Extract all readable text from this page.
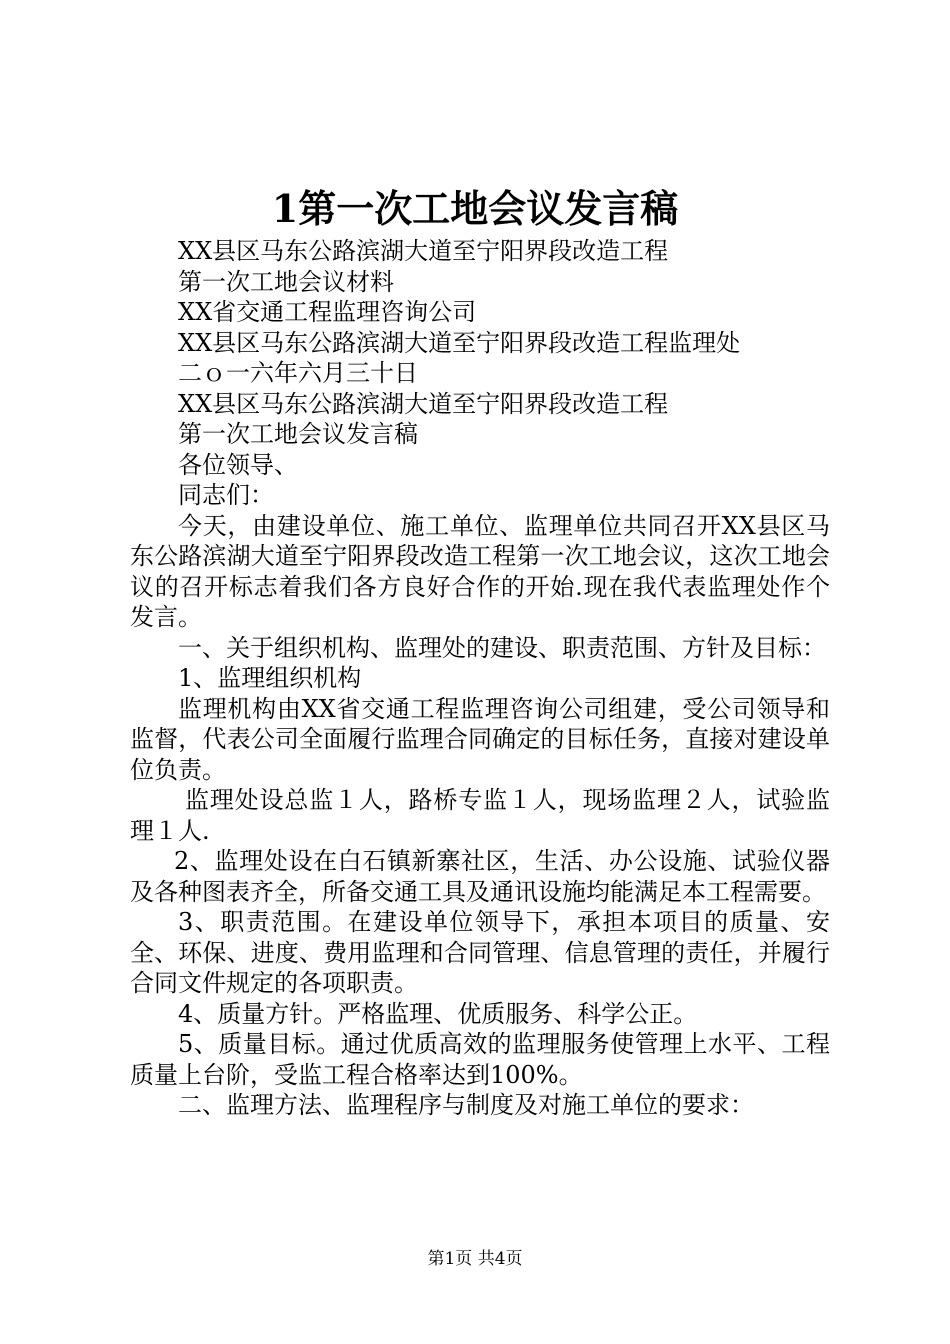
1第一次工地会议发言稿

XX县区马东公路滨湖大道至宁阳界段改造工程

第一次工地会议材料

XX省交通工程监理咨询公司

XX县区马东公路滨湖大道至宁阳界段改造工程监理处

二ｏ一六年六月三十日

XX县区马东公路滨湖大道至宁阳界段改造工程

第一次工地会议发言稿

各位领导、

同志们：

今天，由建设单位、施工单位、监理单位共同召开XX县区马东公路滨湖大道至宁阳界段改造工程第一次工地会议，这次工地会议的召开标志着我们各方良好合作的开始.现在我代表监理处作个发言。

一、关于组织机构、监理处的建设、职责范围、方针及目标：

1、监理组织机构

监理机构由XX省交通工程监理咨询公司组建，受公司领导和监督，代表公司全面履行监理合同确定的目标任务，直接对建设单位负责。

监理处设总监１人，路桥专监１人，现场监理２人，试验监理１人.

2、监理处设在白石镇新寨社区，生活、办公设施、试验仪器及各种图表齐全，所备交通工具及通讯设施均能满足本工程需要。

3、职责范围。在建设单位领导下，承担本项目的质量、安全、环保、进度、费用监理和合同管理、信息管理的责任，并履行合同文件规定的各项职责。

4、质量方针。严格监理、优质服务、科学公正。

5、质量目标。通过优质高效的监理服务使管理上水平、工程质量上台阶，受监工程合格率达到100%。

二、监理方法、监理程序与制度及对施工单位的要求：

第1页 共4页
